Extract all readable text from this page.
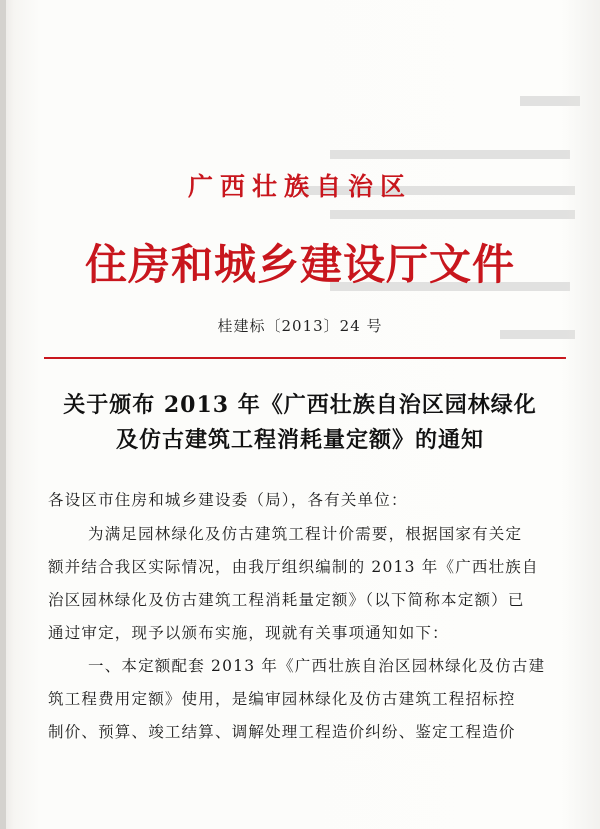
广西壮族自治区
住房和城乡建设厅文件
桂建标〔2013〕24 号
关于颁布 2013 年《广西壮族自治区园林绿化
及仿古建筑工程消耗量定额》的通知
各设区市住房和城乡建设委（局），各有关单位：
为满足园林绿化及仿古建筑工程计价需要，根据国家有关定
额并结合我区实际情况，由我厅组织编制的 2013 年《广西壮族自
治区园林绿化及仿古建筑工程消耗量定额》（以下简称本定额）已
通过审定，现予以颁布实施，现就有关事项通知如下：
一、本定额配套 2013 年《广西壮族自治区园林绿化及仿古建
筑工程费用定额》使用，是编审园林绿化及仿古建筑工程招标控
制价、预算、竣工结算、调解处理工程造价纠纷、鉴定工程造价
